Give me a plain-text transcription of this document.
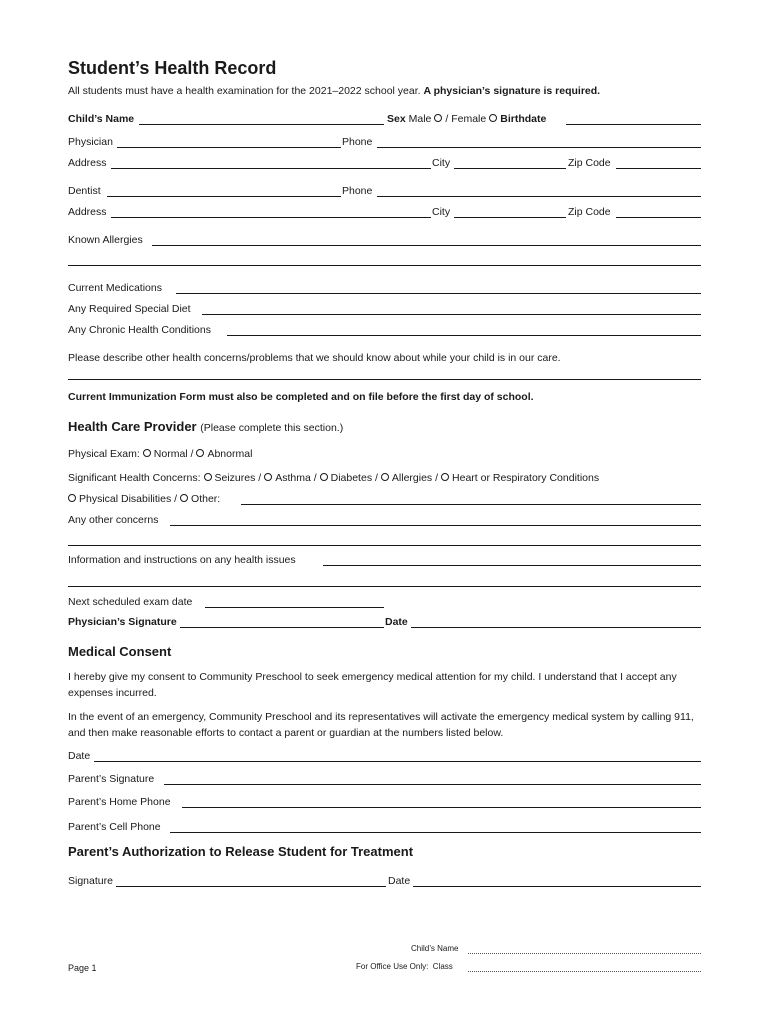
Student’s Health Record
All students must have a health examination for the 2021–2022 school year. A physician’s signature is required.
Child’s Name	Sex Male / Female Birthdate
Physician	Phone
Address	City	Zip Code
Dentist	Phone
Address	City	Zip Code
Known Allergies
Current Medications
Any Required Special Diet
Any Chronic Health Conditions
Please describe other health concerns/problems that we should know about while your child is in our care.
Current Immunization Form must also be completed and on file before the first day of school.
Health Care Provider (Please complete this section.)
Physical Exam: Normal / Abnormal
Significant Health Concerns: Seizures / Asthma / Diabetes / Allergies / Heart or Respiratory Conditions
Physical Disabilities / Other:
Any other concerns
Information and instructions on any health issues
Next scheduled exam date
Physician’s Signature	Date
Medical Consent
I hereby give my consent to Community Preschool to seek emergency medical attention for my child. I understand that I accept any expenses incurred.
In the event of an emergency, Community Preschool and its representatives will activate the emergency medical system by calling 911, and then make reasonable efforts to contact a parent or guardian at the numbers listed below.
Date
Parent’s Signature
Parent’s Home Phone
Parent’s Cell Phone
Parent’s Authorization to Release Student for Treatment
Signature	Date
Child’s Name
Page 1	For Office Use Only: Class
